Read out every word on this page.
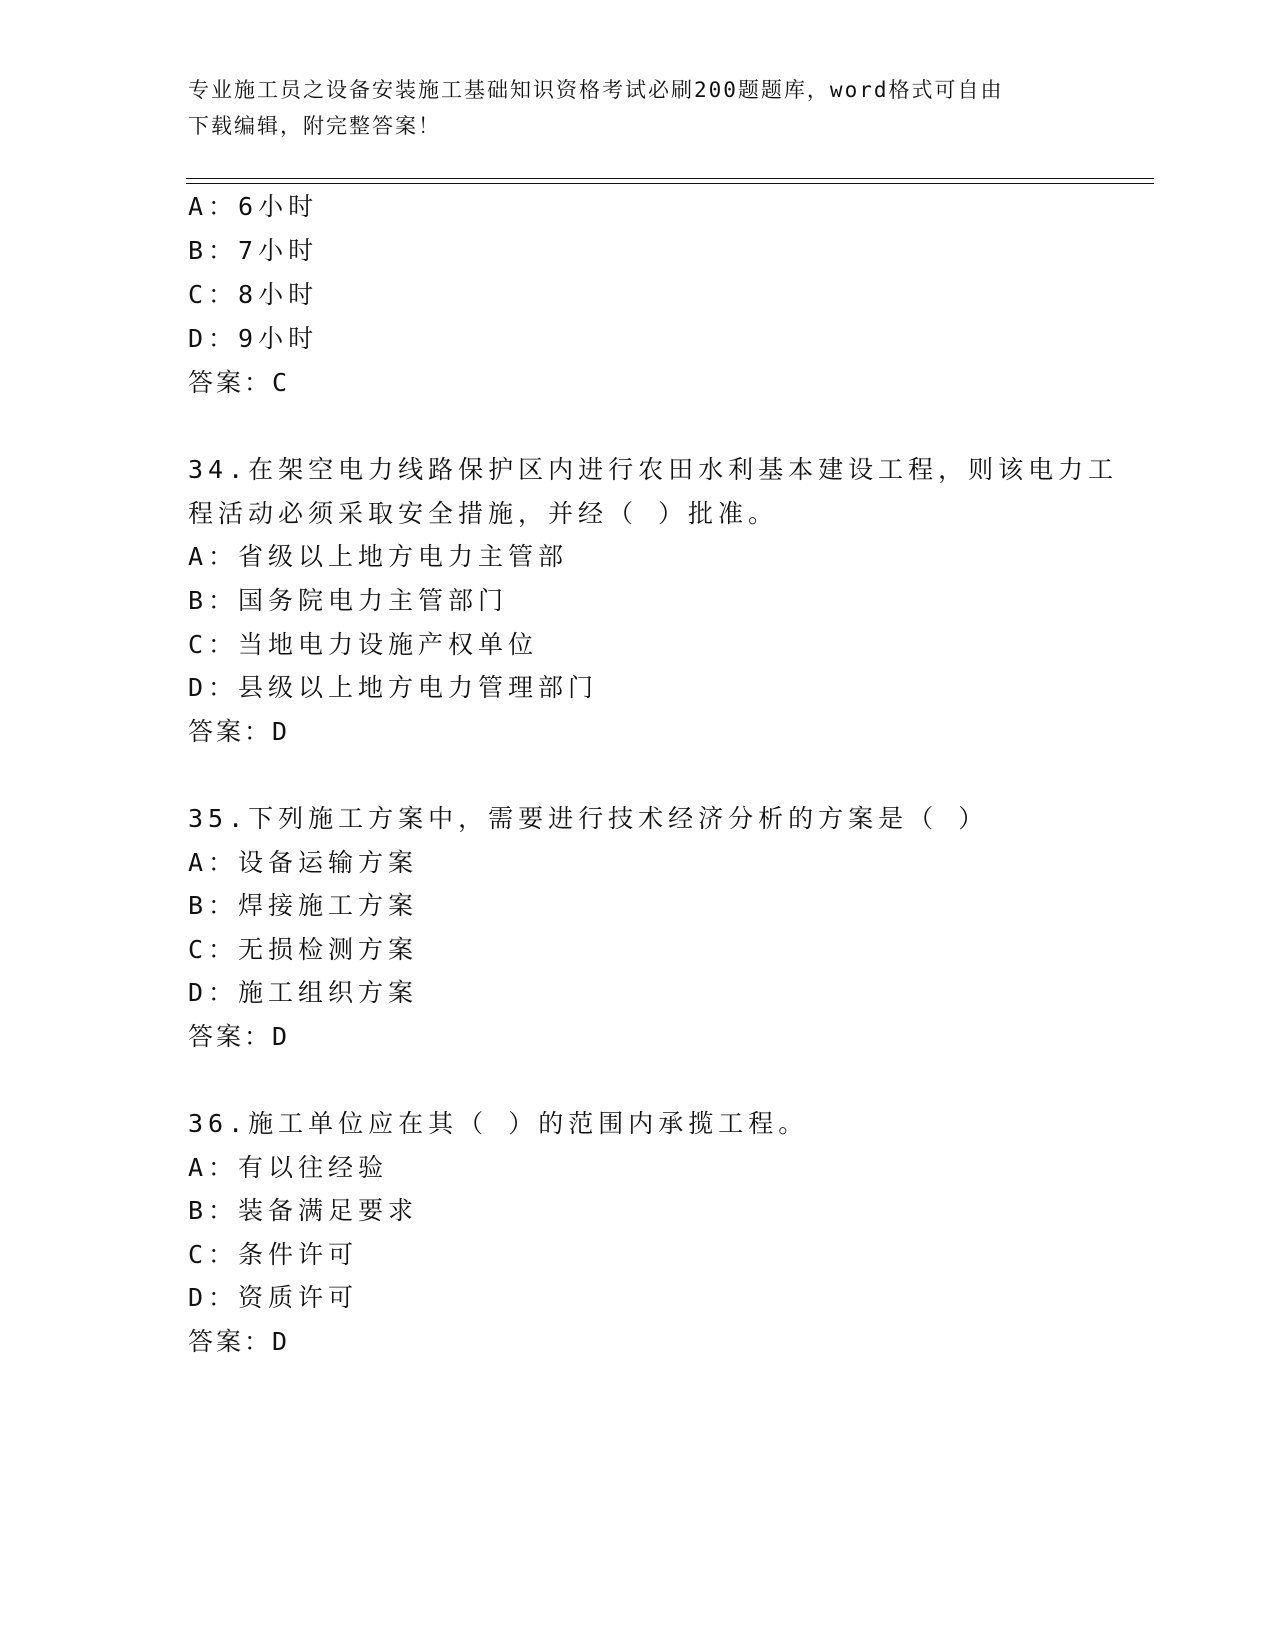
专业施工员之设备安装施工基础知识资格考试必刷200题题库，word格式可自由
下载编辑，附完整答案！
A：6小时
B：7小时
C：8小时
D：9小时
答案：C
34.在架空电力线路保护区内进行农田水利基本建设工程，则该电力工
程活动必须采取安全措施，并经（ ）批准。
A：省级以上地方电力主管部
B：国务院电力主管部门
C：当地电力设施产权单位
D：县级以上地方电力管理部门
答案：D
35.下列施工方案中，需要进行技术经济分析的方案是（ ）
A：设备运输方案
B：焊接施工方案
C：无损检测方案
D：施工组织方案
答案：D
36.施工单位应在其（ ）的范围内承揽工程。
A：有以往经验
B：装备满足要求
C：条件许可
D：资质许可
答案：D
